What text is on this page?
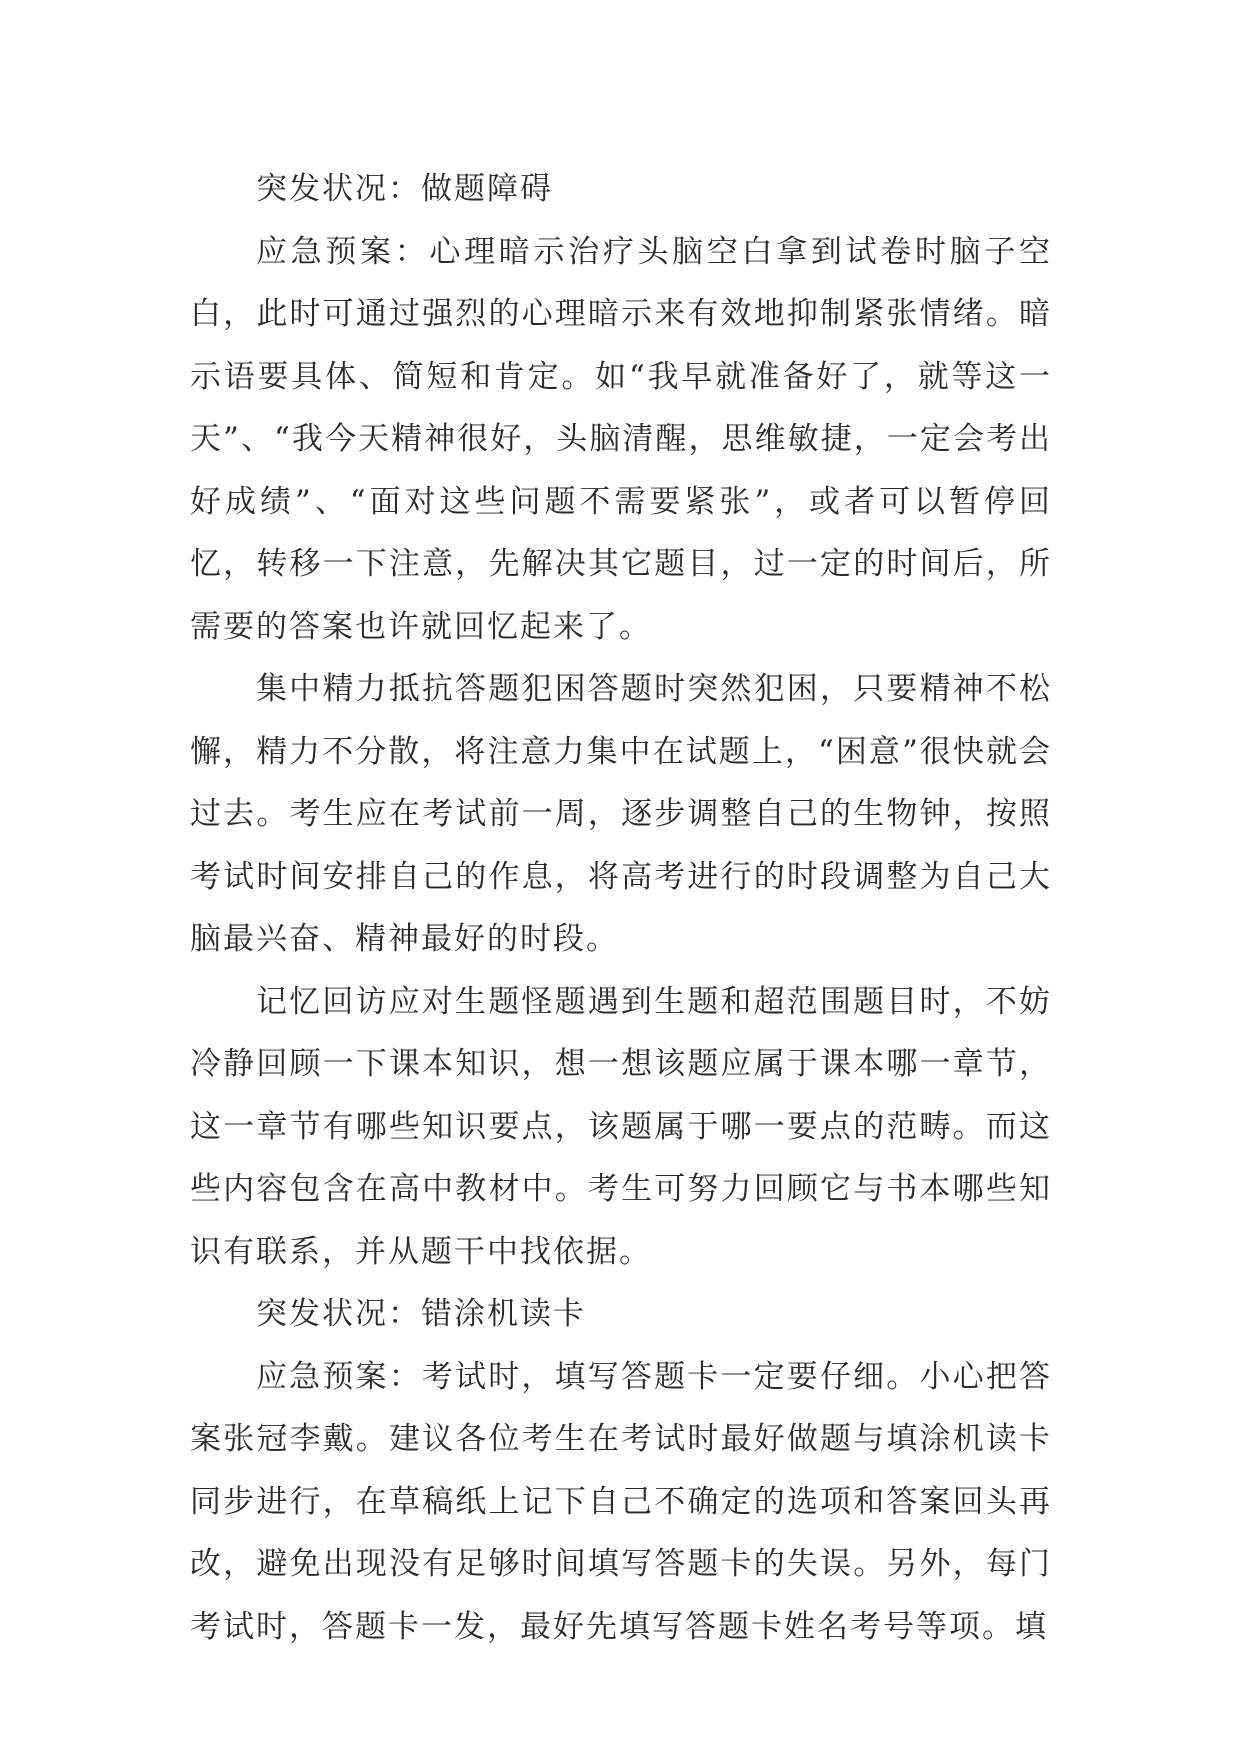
突发状况：做题障碍

应急预案：心理暗示治疗头脑空白拿到试卷时脑子空白，此时可通过强烈的心理暗示来有效地抑制紧张情绪。暗示语要具体、简短和肯定。如“我早就准备好了，就等这一天”、“我今天精神很好，头脑清醒，思维敏捷，一定会考出好成绩”、“面对这些问题不需要紧张”，或者可以暂停回忆，转移一下注意，先解决其它题目，过一定的时间后，所需要的答案也许就回忆起来了。

集中精力抵抗答题犯困答题时突然犯困，只要精神不松懈，精力不分散，将注意力集中在试题上，“困意”很快就会过去。考生应在考试前一周，逐步调整自己的生物钟，按照考试时间安排自己的作息，将高考进行的时段调整为自己大脑最兴奋、精神最好的时段。

记忆回访应对生题怪题遇到生题和超范围题目时，不妨冷静回顾一下课本知识，想一想该题应属于课本哪一章节，这一章节有哪些知识要点，该题属于哪一要点的范畴。而这些内容包含在高中教材中。考生可努力回顾它与书本哪些知识有联系，并从题干中找依据。

突发状况：错涂机读卡

应急预案：考试时，填写答题卡一定要仔细。小心把答案张冠李戴。建议各位考生在考试时最好做题与填涂机读卡同步进行，在草稿纸上记下自己不确定的选项和答案回头再改，避免出现没有足够时间填写答题卡的失误。另外，每门考试时，答题卡一发，最好先填写答题卡姓名考号等项。填
